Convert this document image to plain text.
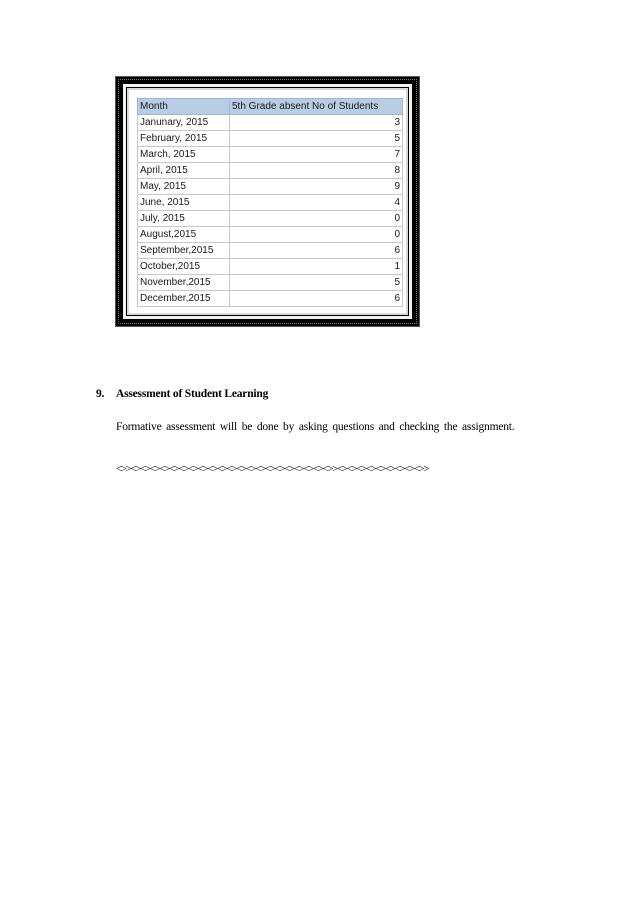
Month	5th Grade absent No of Students
Janunary, 2015	3
February, 2015	5
March, 2015	7
April, 2015	8
May, 2015	9
June, 2015	4
July, 2015	0
August,2015	0
September,2015	6
October,2015	1
November,2015	5
December,2015	6
9. Assessment of Student Learning
Formative assessment will be done by asking questions and checking the assignment.
<>><><><><><><><><><><><><><><><><><><><><><>><><><><><><><><><>>
